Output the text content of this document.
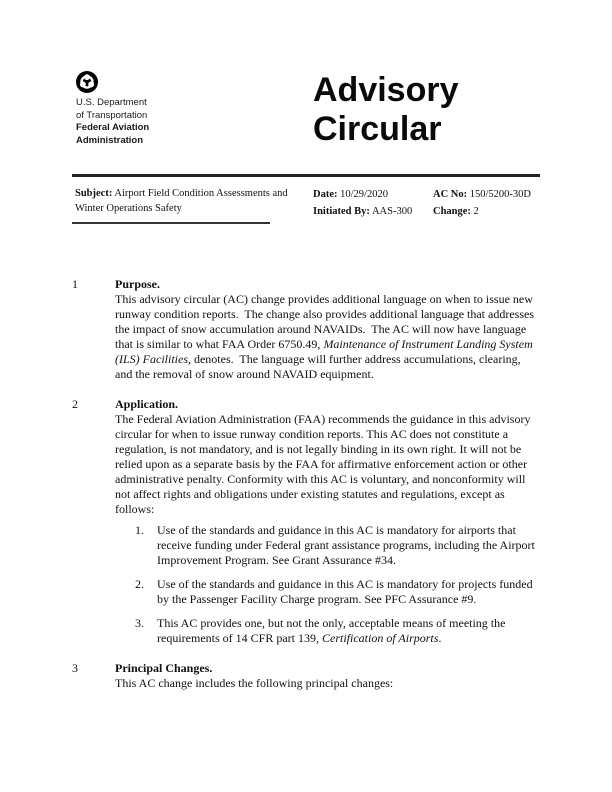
U.S. Department
of Transportation
Federal Aviation
Administration
Advisory
Circular
Subject: Airport Field Condition Assessments and Winter Operations Safety
Date: 10/29/2020
Initiated By: AAS-300
AC No: 150/5200-30D
Change: 2
1	Purpose.

This advisory circular (AC) change provides additional language on when to issue new runway condition reports.  The change also provides additional language that addresses the impact of snow accumulation around NAVAIDs.  The AC will now have language that is similar to what FAA Order 6750.49, Maintenance of Instrument Landing System (ILS) Facilities, denotes.  The language will further address accumulations, clearing, and the removal of snow around NAVAID equipment.

2	Application.

The Federal Aviation Administration (FAA) recommends the guidance in this advisory circular for when to issue runway condition reports. This AC does not constitute a regulation, is not mandatory, and is not legally binding in its own right. It will not be relied upon as a separate basis by the FAA for affirmative enforcement action or other administrative penalty. Conformity with this AC is voluntary, and nonconformity will not affect rights and obligations under existing statutes and regulations, except as follows:

1.	Use of the standards and guidance in this AC is mandatory for airports that receive funding under Federal grant assistance programs, including the Airport Improvement Program. See Grant Assurance #34.
2.	Use of the standards and guidance in this AC is mandatory for projects funded by the Passenger Facility Charge program. See PFC Assurance #9.
3.	This AC provides one, but not the only, acceptable means of meeting the requirements of 14 CFR part 139, Certification of Airports.
3	Principal Changes.

This AC change includes the following principal changes:
